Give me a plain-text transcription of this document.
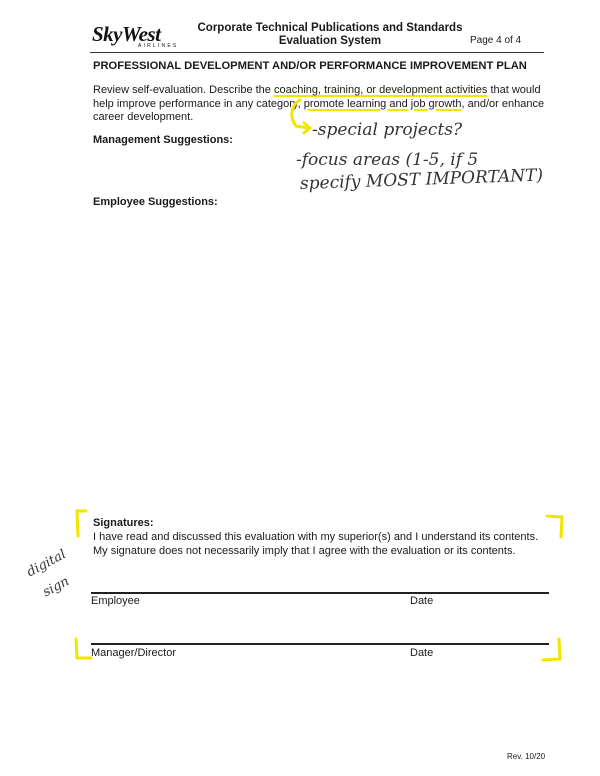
SkyWest
AIRLINES
Corporate Technical Publications and Standards
Evaluation System	Page 4 of 4
PROFESSIONAL DEVELOPMENT AND/OR PERFORMANCE IMPROVEMENT PLAN
Review self-evaluation. Describe the coaching, training, or development activities that would help improve performance in any category, promote learning and job growth, and/or enhance career development.
Management Suggestions:	-special projects?
-focus areas (1-5, if 5
specify MOST IMPORTANT)
Employee Suggestions:
Signatures:
I have read and discussed this evaluation with my superior(s) and I understand its contents.
My signature does not necessarily imply that I agree with the evaluation or its contents.
digital
sign
Employee	Date
Manager/Director	Date
Rev. 10/20
